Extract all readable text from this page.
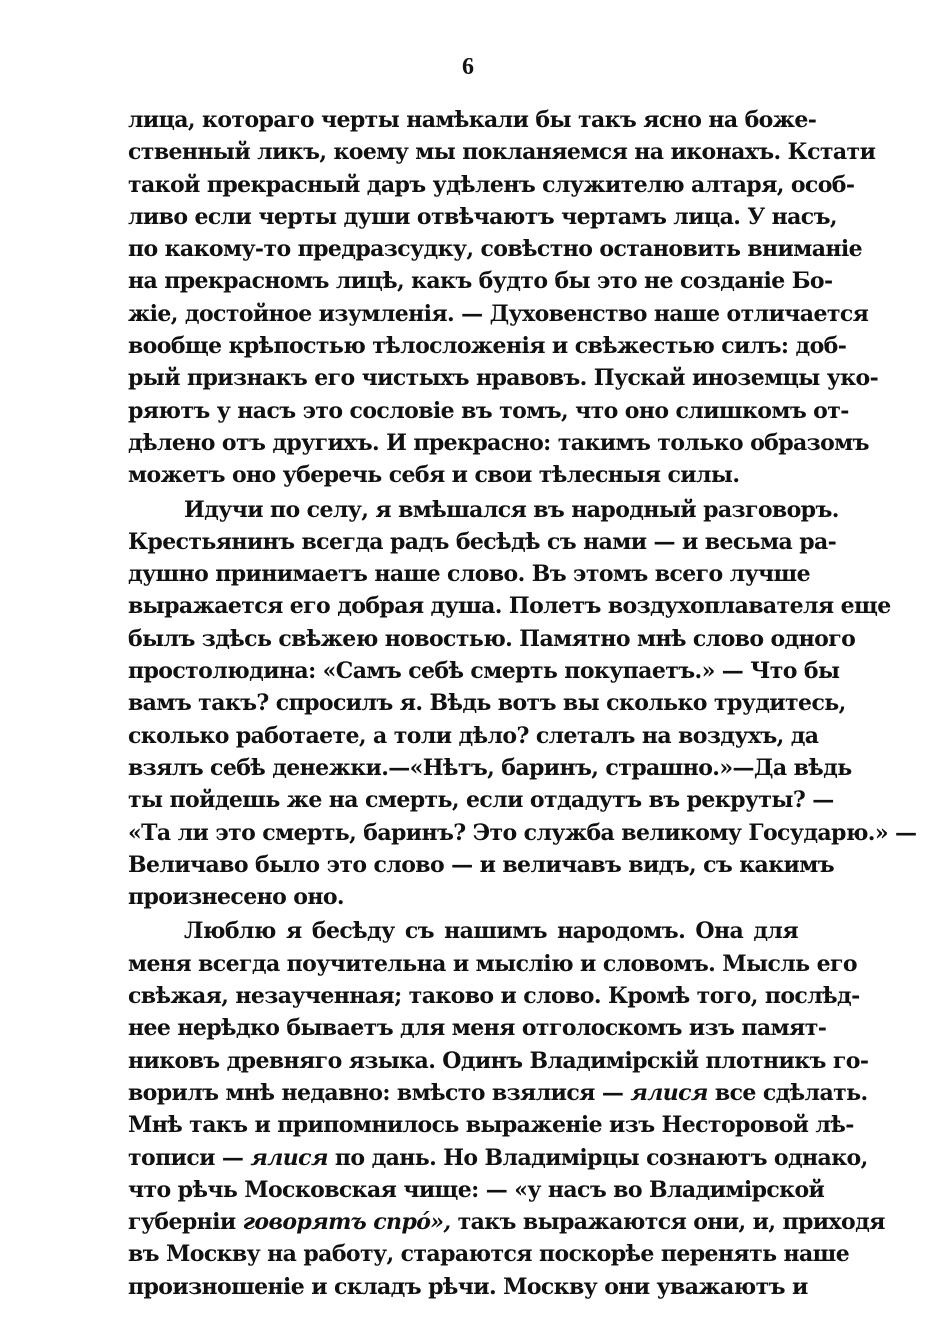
6
лица, котораго черты намѣкали бы такъ ясно на боже-
ственный ликъ, коему мы покланяемся на иконахъ. Кстати
такой прекрасный даръ удѣленъ служителю алтаря, особ-
ливо если черты души отвѣчаютъ чертамъ лица. У насъ,
по какому-то предразсудку, совѣстно остановить вниманіе
на прекрасномъ лицѣ, какъ будто бы это не созданіе Бо-
жіе, достойное изумленія. — Духовенство наше отличается
вообще крѣпостью тѣлосложенія и свѣжестью силъ: доб-
рый признакъ его чистыхъ нравовъ. Пускай иноземцы уко-
ряютъ у насъ это сословіе въ томъ, что оно слишкомъ от-
дѣлено отъ другихъ. И прекрасно: такимъ только образомъ
можетъ оно уберечь себя и свои тѣлесныя силы.
Идучи по селу, я вмѣшался въ народный разговоръ.
Крестьянинъ всегда радъ бесѣдѣ съ нами — и весьма ра-
душно принимаетъ наше слово. Въ этомъ всего лучше
выражается его добрая душа. Полетъ воздухоплавателя еще
былъ здѣсь свѣжею новостью. Памятно мнѣ слово одного
простолюдина: «Самъ себѣ смерть покупаетъ.» — Что бы
вамъ такъ? спросилъ я. Вѣдь вотъ вы сколько трудитесь,
сколько работаете, а толи дѣло? слеталъ на воздухъ, да
взялъ себѣ денежки.—«Нѣтъ, баринъ, страшно.»—Да вѣдь
ты пойдешь же на смерть, если отдадутъ въ рекруты? —
«Та ли это смерть, баринъ? Это служба великому Государю.» —
Величаво было это слово — и величавъ видъ, съ какимъ
произнесено оно.
Люблю я бесѣду съ нашимъ народомъ. Она для
меня всегда поучительна и мыслію и словомъ. Мысль его
свѣжая, незаученная; таково и слово. Кромѣ того, послѣд-
нее нерѣдко бываетъ для меня отголоскомъ изъ памят-
никовъ древняго языка. Одинъ Владимірскій плотникъ го-
ворилъ мнѣ недавно: вмѣсто взялися — ялися все сдѣлать.
Мнѣ такъ и припомнилось выраженіе изъ Несторовой лѣ-
тописи — ялися по дань. Но Владимірцы сознаютъ однако,
что рѣчь Московская чище: — «у насъ во Владимірской
губерніи говорятъ спрó», такъ выражаются они, и, приходя
въ Москву на работу, стараются поскорѣе перенять наше
произношеніе и складъ рѣчи. Москву они уважаютъ и
